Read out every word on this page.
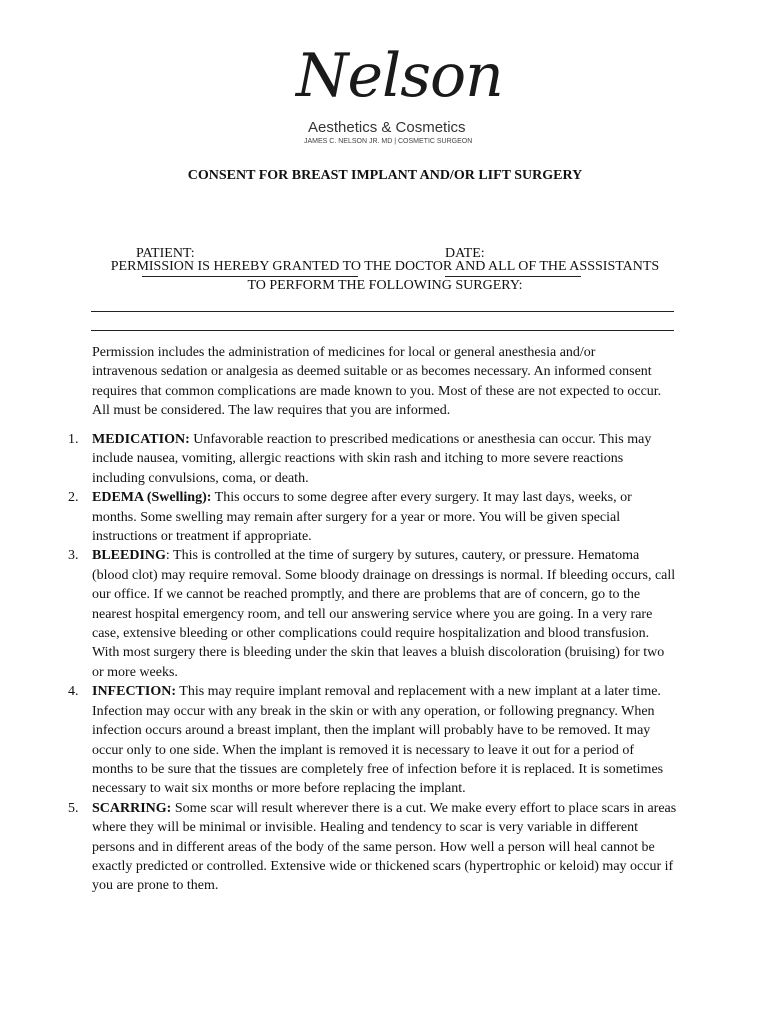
Nelson
Aesthetics & Cosmetics
JAMES C. NELSON JR. MD | COSMETIC SURGEON
CONSENT FOR BREAST IMPLANT AND/OR LIFT SURGERY

PATIENT:
	DATE:

PERMISSION IS HEREBY GRANTED TO THE DOCTOR AND ALL OF THE ASSSISTANTS TO PERFORM THE FOLLOWING SURGERY:
Permission includes the administration of medicines for local or general anesthesia and/or intravenous sedation or analgesia as deemed suitable or as becomes necessary. An informed consent requires that common complications are made known to you. Most of these are not expected to occur. All must be considered. The law requires that you are informed.
1. MEDICATION: Unfavorable reaction to prescribed medications or anesthesia can occur. This may include nausea, vomiting, allergic reactions with skin rash and itching to more severe reactions including convulsions, coma, or death.
2. EDEMA (Swelling): This occurs to some degree after every surgery. It may last days, weeks, or months. Some swelling may remain after surgery for a year or more. You will be given special instructions or treatment if appropriate.
3. BLEEDING: This is controlled at the time of surgery by sutures, cautery, or pressure. Hematoma (blood clot) may require removal. Some bloody drainage on dressings is normal. If bleeding occurs, call our office. If we cannot be reached promptly, and there are problems that are of concern, go to the nearest hospital emergency room, and tell our answering service where you are going. In a very rare case, extensive bleeding or other complications could require hospitalization and blood transfusion. With most surgery there is bleeding under the skin that leaves a bluish discoloration (bruising) for two or more weeks.
4. INFECTION: This may require implant removal and replacement with a new implant at a later time. Infection may occur with any break in the skin or with any operation, or following pregnancy. When infection occurs around a breast implant, then the implant will probably have to be removed. It may occur only to one side. When the implant is removed it is necessary to leave it out for a period of months to be sure that the tissues are completely free of infection before it is replaced. It is sometimes necessary to wait six months or more before replacing the implant.
5. SCARRING: Some scar will result wherever there is a cut. We make every effort to place scars in areas where they will be minimal or invisible. Healing and tendency to scar is very variable in different persons and in different areas of the body of the same person. How well a person will heal cannot be exactly predicted or controlled. Extensive wide or thickened scars (hypertrophic or keloid) may occur if you are prone to them.
